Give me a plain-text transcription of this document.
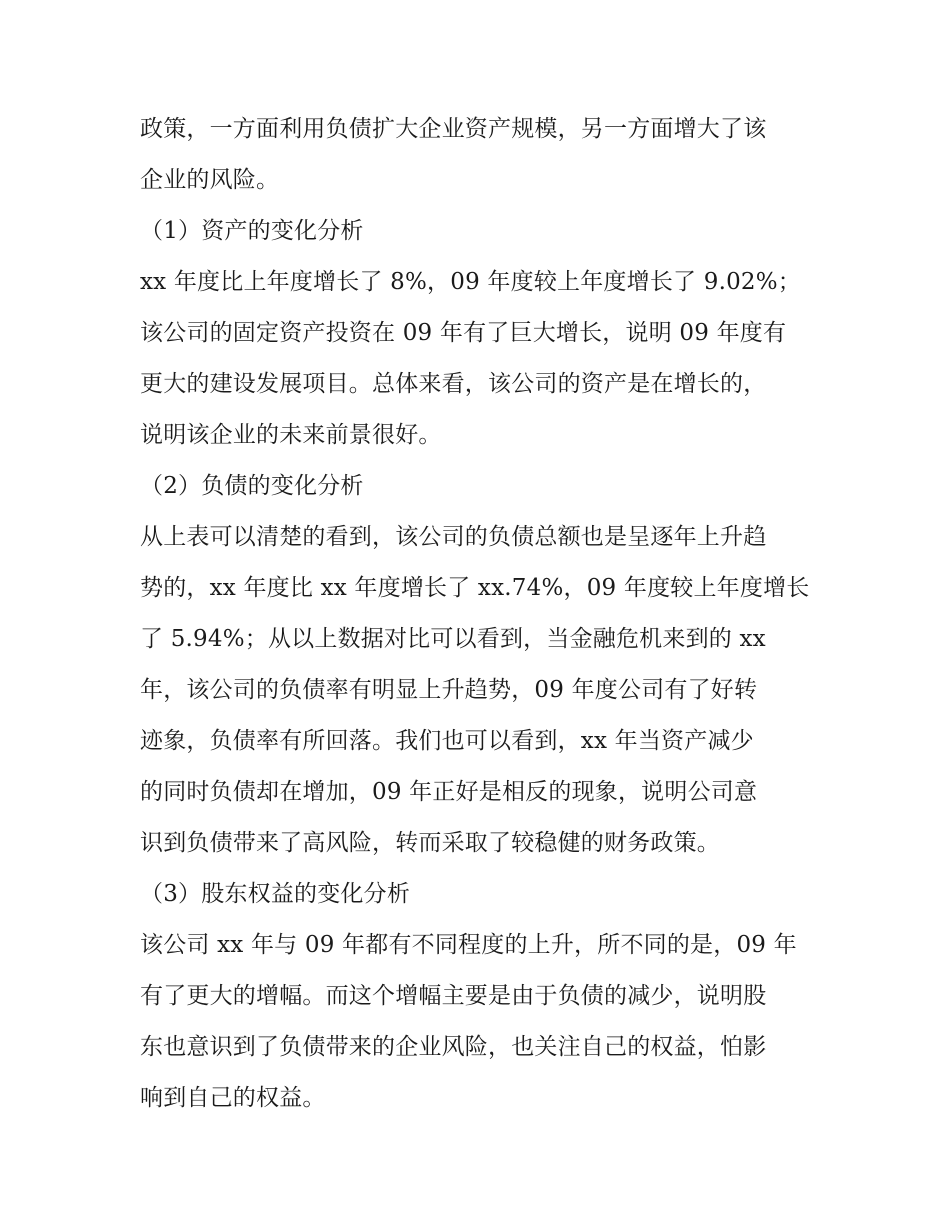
政策，一方面利用负债扩大企业资产规模，另一方面增大了该
企业的风险。
（1）资产的变化分析
xx 年度比上年度增长了 8%，09 年度较上年度增长了 9.02%；
该公司的固定资产投资在 09 年有了巨大增长，说明 09 年度有
更大的建设发展项目。总体来看，该公司的资产是在增长的，
说明该企业的未来前景很好。
（2）负债的变化分析
从上表可以清楚的看到，该公司的负债总额也是呈逐年上升趋
势的，xx 年度比 xx 年度增长了 xx.74%，09 年度较上年度增长
了 5.94%；从以上数据对比可以看到，当金融危机来到的 xx
年，该公司的负债率有明显上升趋势，09 年度公司有了好转
迹象，负债率有所回落。我们也可以看到，xx 年当资产减少
的同时负债却在增加，09 年正好是相反的现象，说明公司意
识到负债带来了高风险，转而采取了较稳健的财务政策。
（3）股东权益的变化分析
该公司 xx 年与 09 年都有不同程度的上升，所不同的是，09 年
有了更大的增幅。而这个增幅主要是由于负债的减少，说明股
东也意识到了负债带来的企业风险，也关注自己的权益，怕影
响到自己的权益。
